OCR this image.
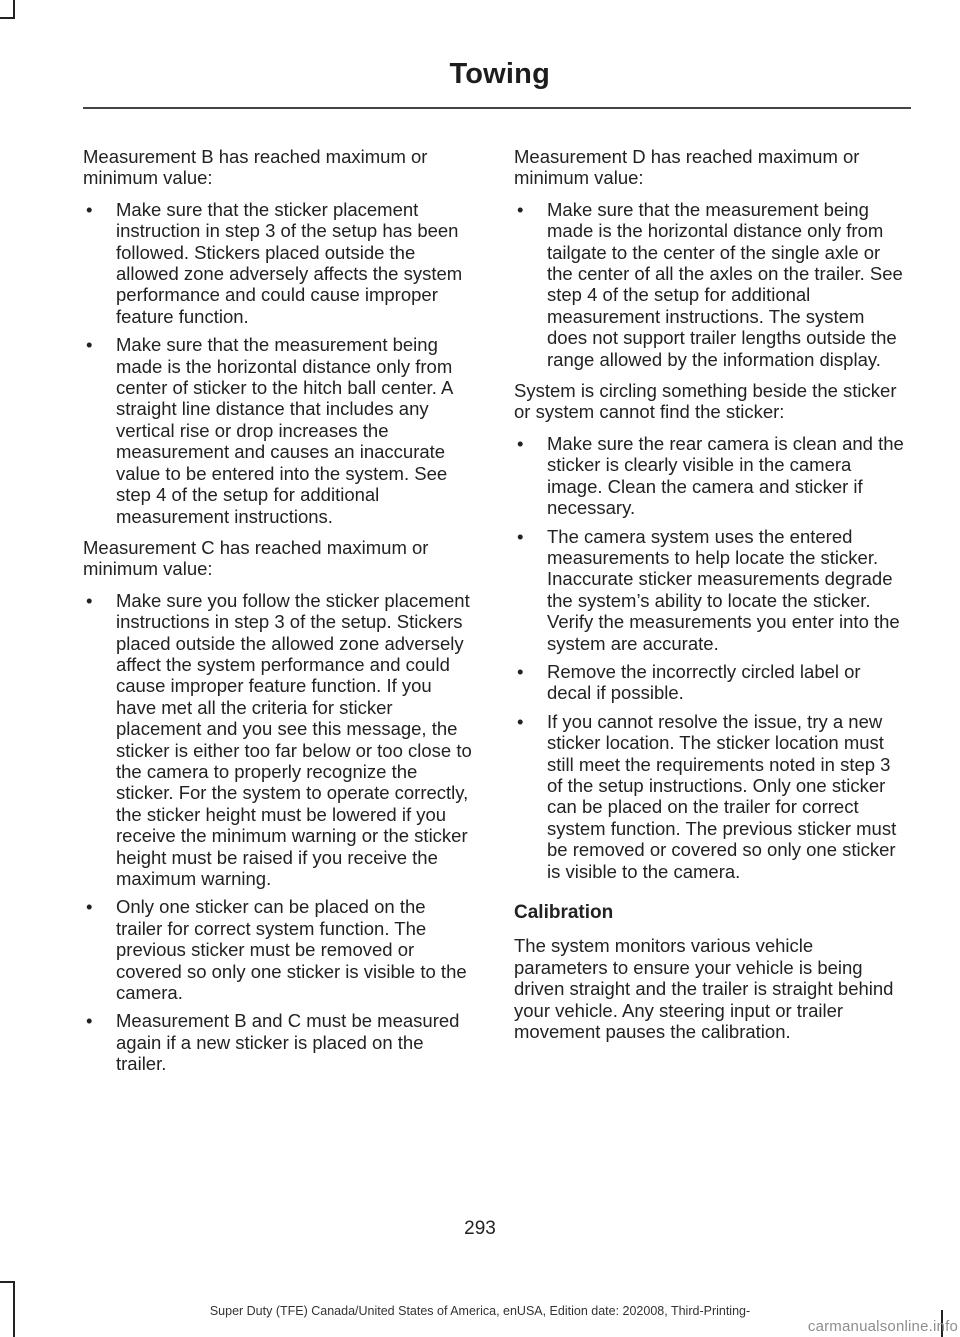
Towing

Measurement B has reached maximum or minimum value:

• Make sure that the sticker placement instruction in step 3 of the setup has been followed. Stickers placed outside the allowed zone adversely affects the system performance and could cause improper feature function.
• Make sure that the measurement being made is the horizontal distance only from center of sticker to the hitch ball center. A straight line distance that includes any vertical rise or drop increases the measurement and causes an inaccurate value to be entered into the system. See step 4 of the setup for additional measurement instructions.

Measurement C has reached maximum or minimum value:

• Make sure you follow the sticker placement instructions in step 3 of the setup. Stickers placed outside the allowed zone adversely affect the system performance and could cause improper feature function. If you have met all the criteria for sticker placement and you see this message, the sticker is either too far below or too close to the camera to properly recognize the sticker. For the system to operate correctly, the sticker height must be lowered if you receive the minimum warning or the sticker height must be raised if you receive the maximum warning.
• Only one sticker can be placed on the trailer for correct system function. The previous sticker must be removed or covered so only one sticker is visible to the camera.
• Measurement B and C must be measured again if a new sticker is placed on the trailer.

Measurement D has reached maximum or minimum value:

• Make sure that the measurement being made is the horizontal distance only from tailgate to the center of the single axle or the center of all the axles on the trailer. See step 4 of the setup for additional measurement instructions. The system does not support trailer lengths outside the range allowed by the information display.

System is circling something beside the sticker or system cannot find the sticker:

• Make sure the rear camera is clean and the sticker is clearly visible in the camera image. Clean the camera and sticker if necessary.
• The camera system uses the entered measurements to help locate the sticker. Inaccurate sticker measurements degrade the system’s ability to locate the sticker. Verify the measurements you enter into the system are accurate.
• Remove the incorrectly circled label or decal if possible.
• If you cannot resolve the issue, try a new sticker location. The sticker location must still meet the requirements noted in step 3 of the setup instructions. Only one sticker can be placed on the trailer for correct system function. The previous sticker must be removed or covered so only one sticker is visible to the camera.
Calibration

The system monitors various vehicle parameters to ensure your vehicle is being driven straight and the trailer is straight behind your vehicle. Any steering input or trailer movement pauses the calibration.

293
Super Duty (TFE) Canada/United States of America, enUSA, Edition date: 202008, Third-Printing-
carmanualsonline.info
